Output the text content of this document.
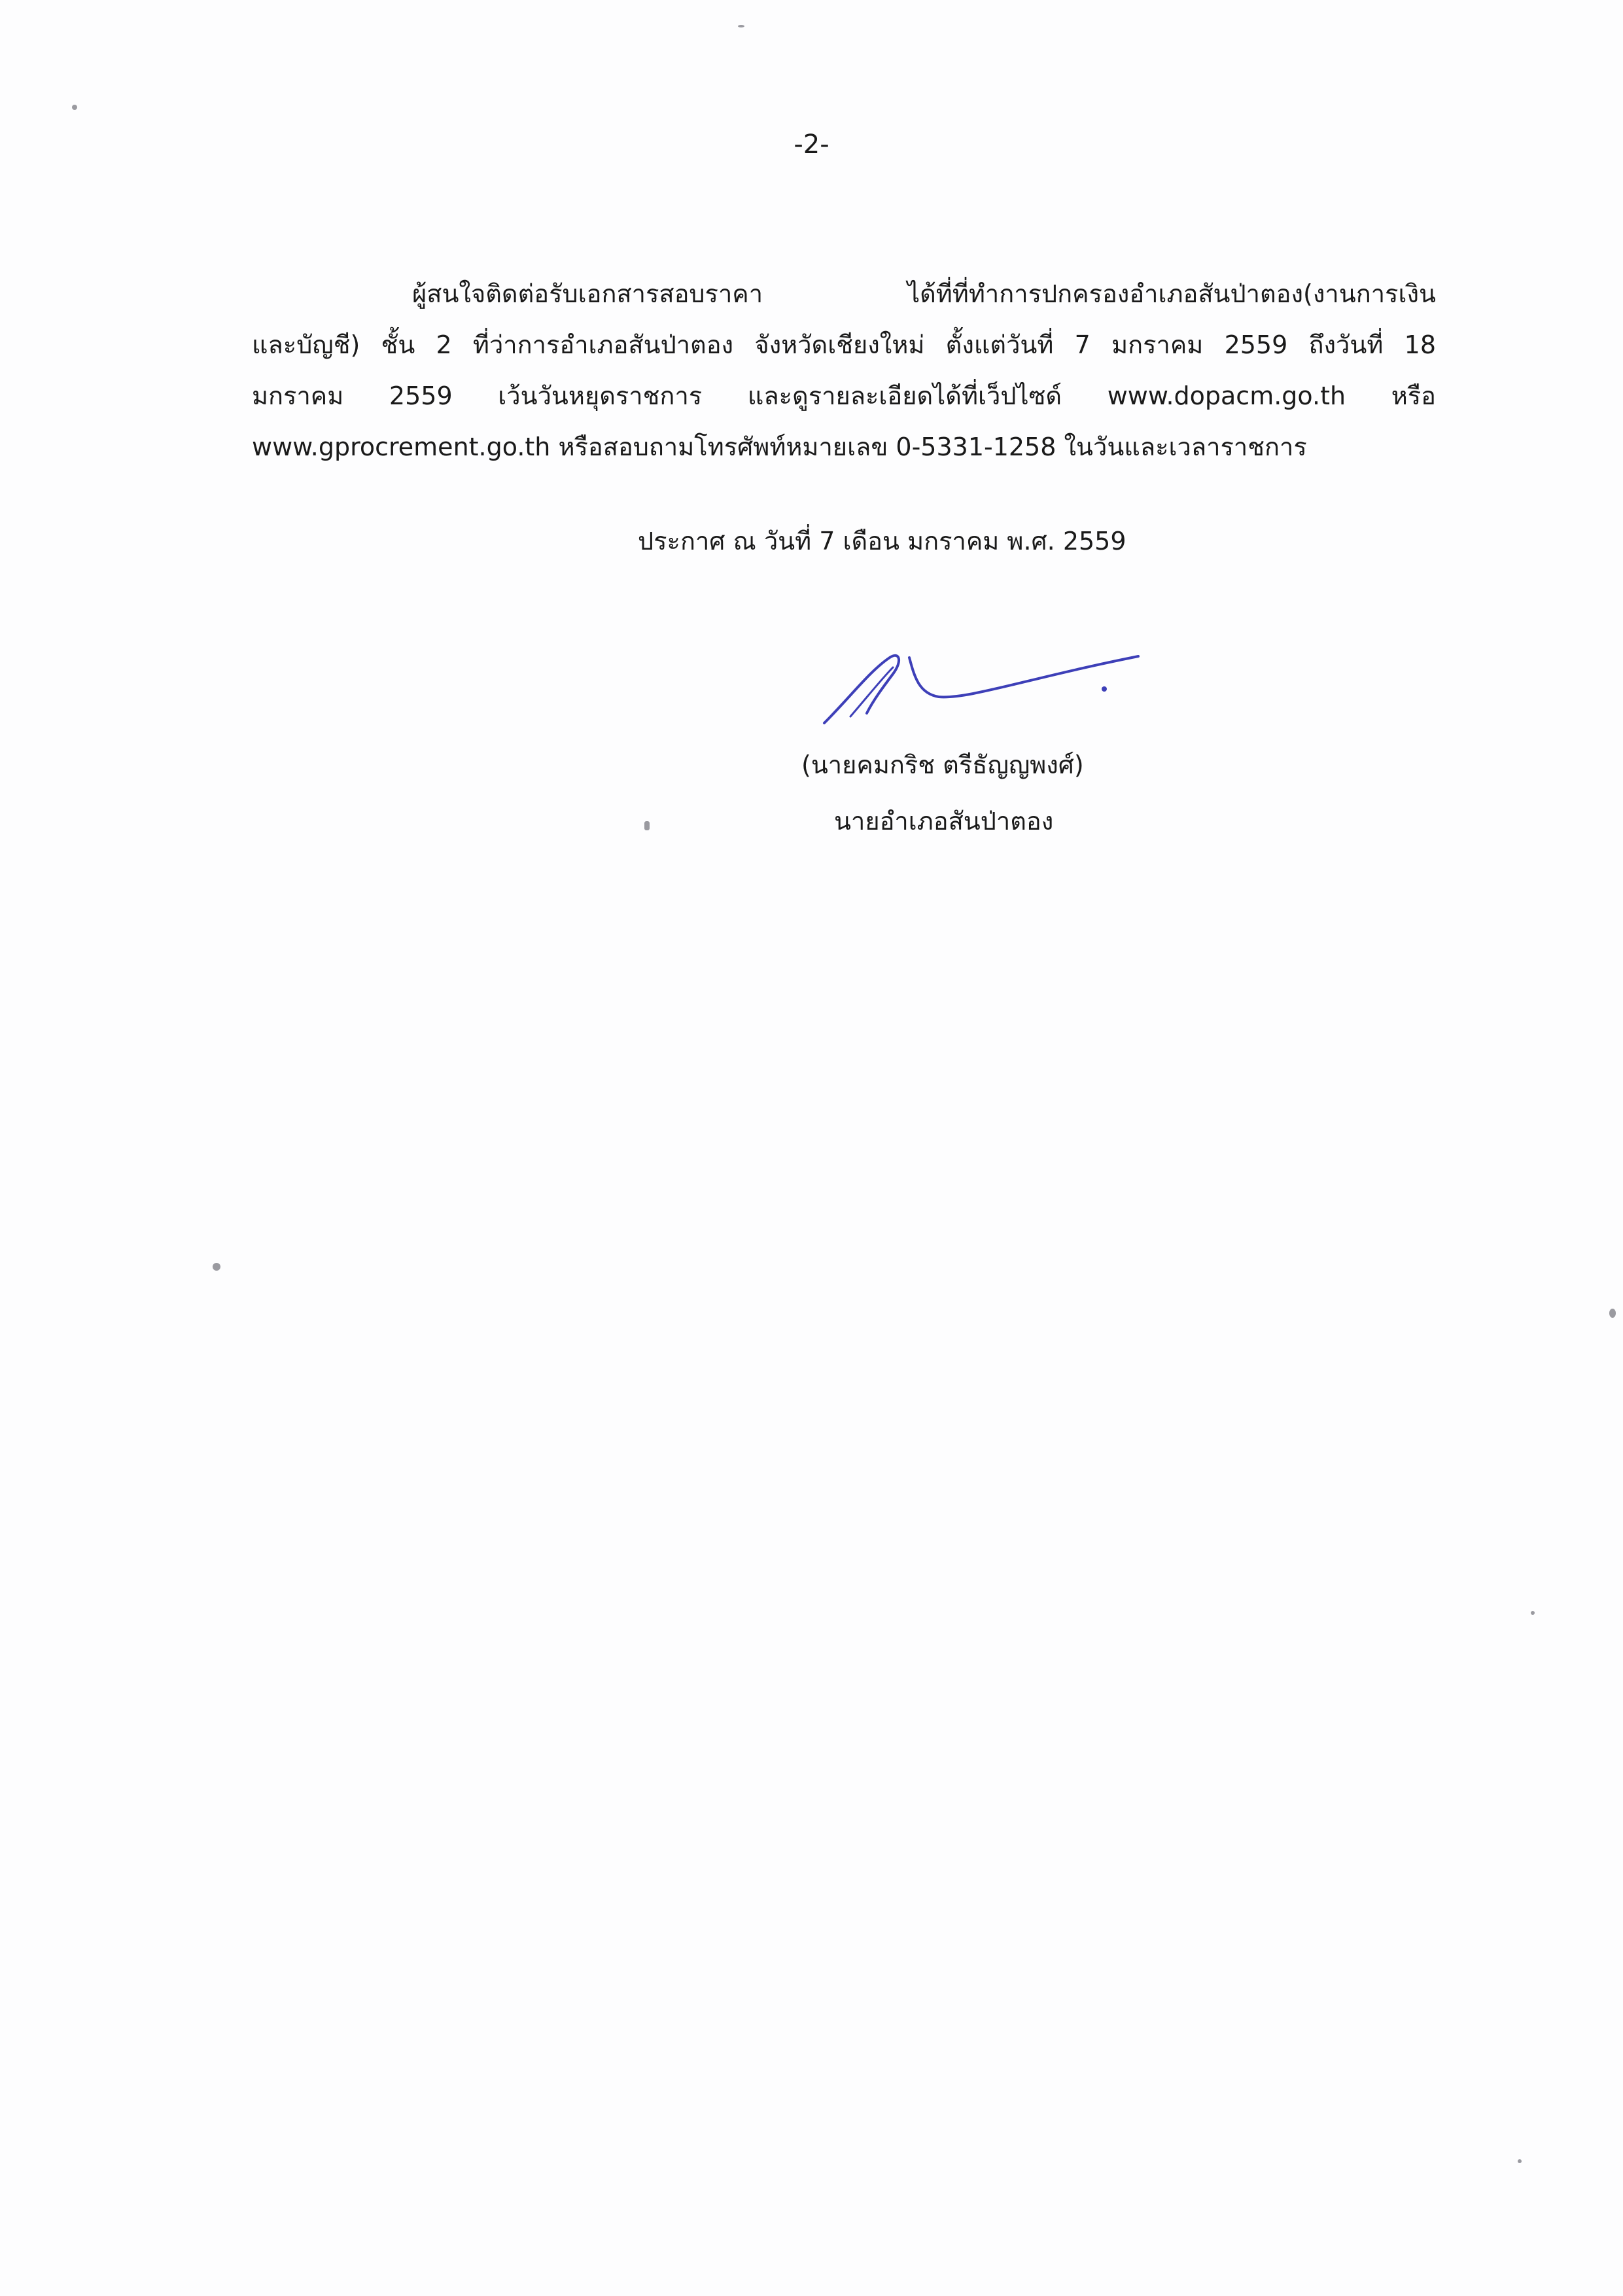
-2-
ผู้สนใจติดต่อรับเอกสารสอบราคา ได้ที่ที่ทำการปกครองอำเภอสันป่าตอง(งานการเงิน
และบัญชี) ชั้น 2 ที่ว่าการอำเภอสันป่าตอง จังหวัดเชียงใหม่ ตั้งแต่วันที่ 7 มกราคม 2559 ถึงวันที่ 18
มกราคม 2559 เว้นวันหยุดราชการ และดูรายละเอียดได้ที่เว็ปไซด์ www.dopacm.go.th หรือ
www.gprocrement.go.th หรือสอบถามโทรศัพท์หมายเลข 0-5331-1258 ในวันและเวลาราชการ
ประกาศ ณ วันที่ 7 เดือน มกราคม พ.ศ. 2559
(นายคมกริช ตรีธัญญพงศ์)
นายอำเภอสันป่าตอง
